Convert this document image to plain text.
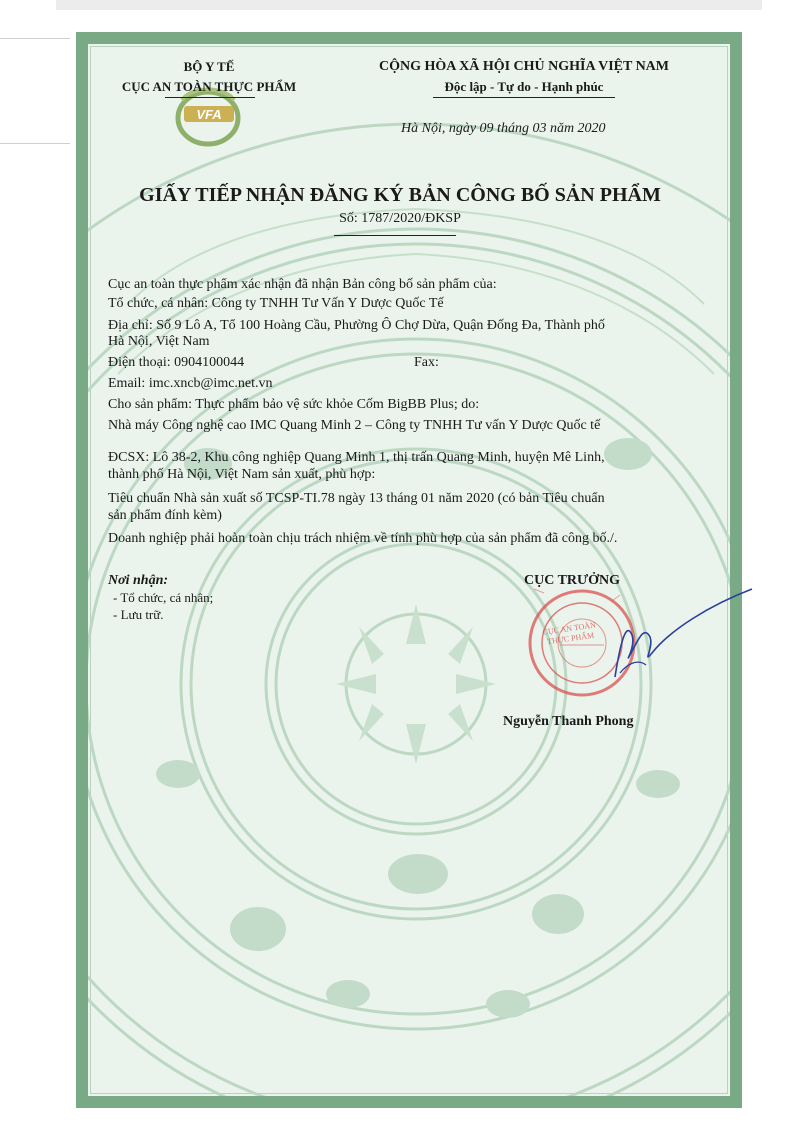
VFA
BỘ Y TẾ
CỤC AN TOÀN THỰC PHẨM
CỘNG HÒA XÃ HỘI CHỦ NGHĨA VIỆT NAM
Độc lập - Tự do - Hạnh phúc
Hà Nội, ngày 09 tháng 03 năm 2020
GIẤY TIẾP NHẬN ĐĂNG KÝ BẢN CÔNG BỐ SẢN PHẨM
Số: 1787/2020/ĐKSP
Cục an toàn thực phẩm xác nhận đã nhận Bản công bố sản phẩm của:
Tổ chức, cá nhân: Công ty TNHH Tư Vấn Y Dược Quốc Tế
Địa chỉ: Số 9 Lô A, Tổ 100 Hoàng Cầu, Phường Ô Chợ Dừa, Quận Đống Đa, Thành phố
Hà Nội, Việt Nam
Điện thoại: 0904100044	Fax:
Email: imc.xncb@imc.net.vn
Cho sản phẩm: Thực phẩm bảo vệ sức khỏe Cốm BigBB Plus; do:
Nhà máy Công nghệ cao IMC Quang Minh 2 – Công ty TNHH Tư vấn Y Dược Quốc tế
ĐCSX: Lô 38-2, Khu công nghiệp Quang Minh 1, thị trấn Quang Minh, huyện Mê Linh,
thành phố Hà Nội, Việt Nam sản xuất, phù hợp:
Tiêu chuẩn Nhà sản xuất số TCSP-TI.78 ngày 13 tháng 01 năm 2020 (có bản Tiêu chuẩn
sản phẩm đính kèm)
Doanh nghiệp phải hoàn toàn chịu trách nhiệm về tính phù hợp của sản phẩm đã công bố./.
Nơi nhận:
- Tổ chức, cá nhân;
- Lưu trữ.
CỤC TRƯỞNG
CỤC AN TOÀN THỰC PHẨM
Nguyễn Thanh Phong
